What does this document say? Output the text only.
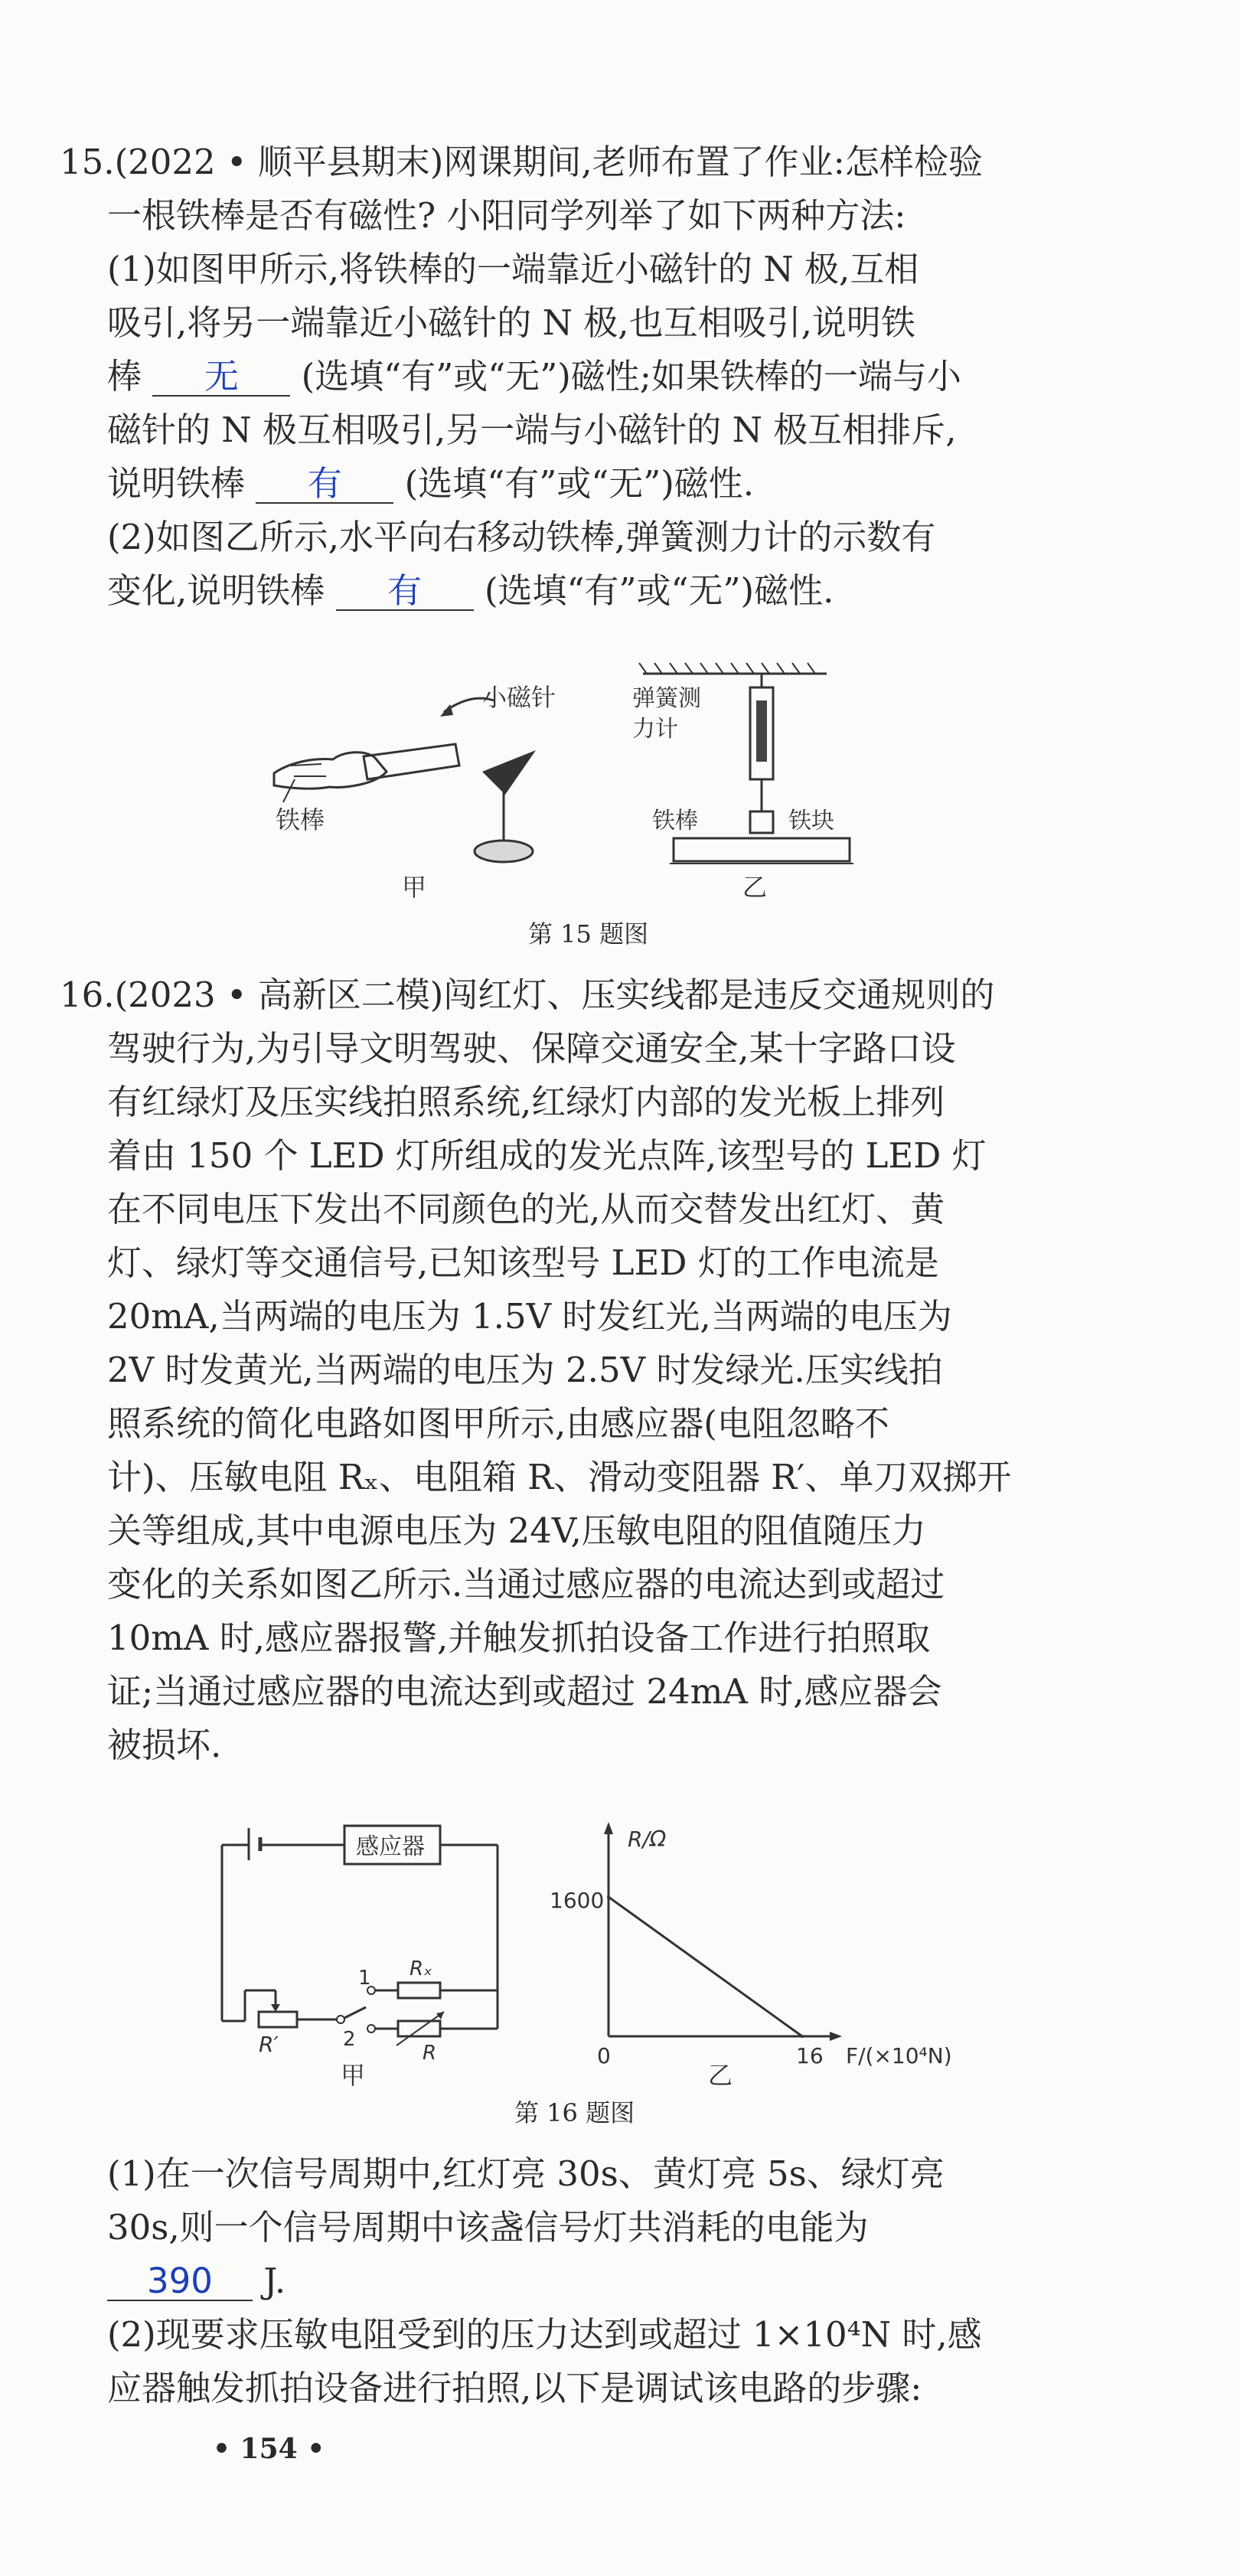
15.(2022 • 顺平县期末)网课期间,老师布置了作业:怎样检验
一根铁棒是否有磁性? 小阳同学列举了如下两种方法:
(1)如图甲所示,将铁棒的一端靠近小磁针的 N 极,互相
吸引,将另一端靠近小磁针的 N 极,也互相吸引,说明铁
棒 无 (选填“有”或“无”)磁性;如果铁棒的一端与小
磁针的 N 极互相吸引,另一端与小磁针的 N 极互相排斥,
说明铁棒 有 (选填“有”或“无”)磁性.
(2)如图乙所示,水平向右移动铁棒,弹簧测力计的示数有
变化,说明铁棒 有 (选填“有”或“无”)磁性.
铁棒
小磁针
甲
弹簧测
力计
铁块
铁棒
乙
第 15 题图
16.(2023 • 高新区二模)闯红灯、压实线都是违反交通规则的
驾驶行为,为引导文明驾驶、保障交通安全,某十字路口设
有红绿灯及压实线拍照系统,红绿灯内部的发光板上排列
着由 150 个 LED 灯所组成的发光点阵,该型号的 LED 灯
在不同电压下发出不同颜色的光,从而交替发出红灯、黄
灯、绿灯等交通信号,已知该型号 LED 灯的工作电流是
20mA,当两端的电压为 1.5V 时发红光,当两端的电压为
2V 时发黄光,当两端的电压为 2.5V 时发绿光.压实线拍
照系统的简化电路如图甲所示,由感应器(电阻忽略不
计)、压敏电阻 Rₓ、电阻箱 R、滑动变阻器 R′、单刀双掷开
关等组成,其中电源电压为 24V,压敏电阻的阻值随压力
变化的关系如图乙所示.当通过感应器的电流达到或超过
10mA 时,感应器报警,并触发抓拍设备工作进行拍照取
证;当通过感应器的电流达到或超过 24mA 时,感应器会
被损坏.
感应器
R′
1
2
Rₓ
R
甲
R/Ω
F/(×10⁴N)
1600
0	16
乙
第 16 题图
(1)在一次信号周期中,红灯亮 30s、黄灯亮 5s、绿灯亮
30s,则一个信号周期中该盏信号灯共消耗的电能为
390 J.
(2)现要求压敏电阻受到的压力达到或超过 1×10⁴N 时,感
应器触发抓拍设备进行拍照,以下是调试该电路的步骤:
• 154 •
